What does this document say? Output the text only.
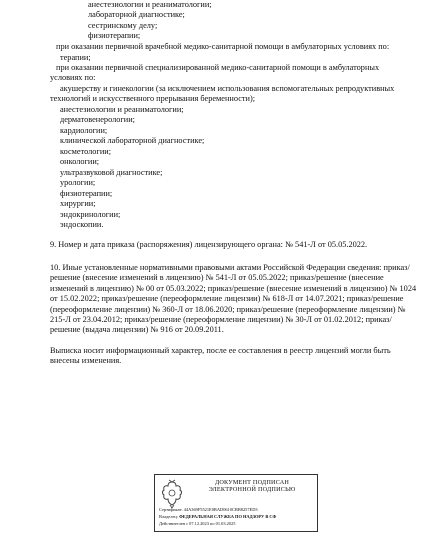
анестезиологии и реаниматологии;
лабораторной диагностике;
сестринскому делу;
физиотерапии;
при оказании первичной врачебной медико-санитарной помощи в амбулаторных условиях по:
терапии;
при оказании первичной специализированной медико-санитарной помощи в амбулаторных
условиях по:
акушерству и гинекологии (за исключением использования вспомогательных репродуктивных
технологий и искусственного прерывания беременности);
анестезиологии и реаниматологии;
дерматовенерологии;
кардиологии;
клинической лабораторной диагностике;
косметологии;
онкологии;
ультразвуковой диагностике;
урологии;
физиотерапии;
хирургии;
эндокринологии;
эндоскопии.
9. Номер и дата приказа (распоряжения) лицензирующего органа: № 541-Л от 05.05.2022.
10. Иные установленные нормативными правовыми актами Российской Федерации сведения: приказ/решение (внесение изменений в лицензию) № 541-Л от 05.05.2022; приказ/решение (внесение изменений в лицензию) № 00 от 05.03.2022; приказ/решение (внесение изменений в лицензию) № 1024 от 15.02.2022; приказ/решение (переоформление лицензии) № 618-Л от 14.07.2021; приказ/решение (переоформление лицензии) № 360-Л от 18.06.2020; приказ/решение (переоформление лицензии) № 215-Л от 23.04.2012; приказ/решение (переоформление лицензии) № 30-Л от 01.02.2012; приказ/решение (выдача лицензии) № 916 от 20.09.2011.
Выписка носит информационный характер, после ее составления в реестр лицензий могли быть внесены изменения.
ДОКУМЕНТ ПОДПИСАН
ЭЛЕКТРОННОЙ ПОДПИСЬЮ
Сертификат: 44A369F5521E0BAD0610CBB8257ED3
Владелец: ФЕДЕРАЛЬНАЯ СЛУЖБА ПО НАДЗОРУ В СФ
Действителен с 07.12.2023 по 01.03.2025
